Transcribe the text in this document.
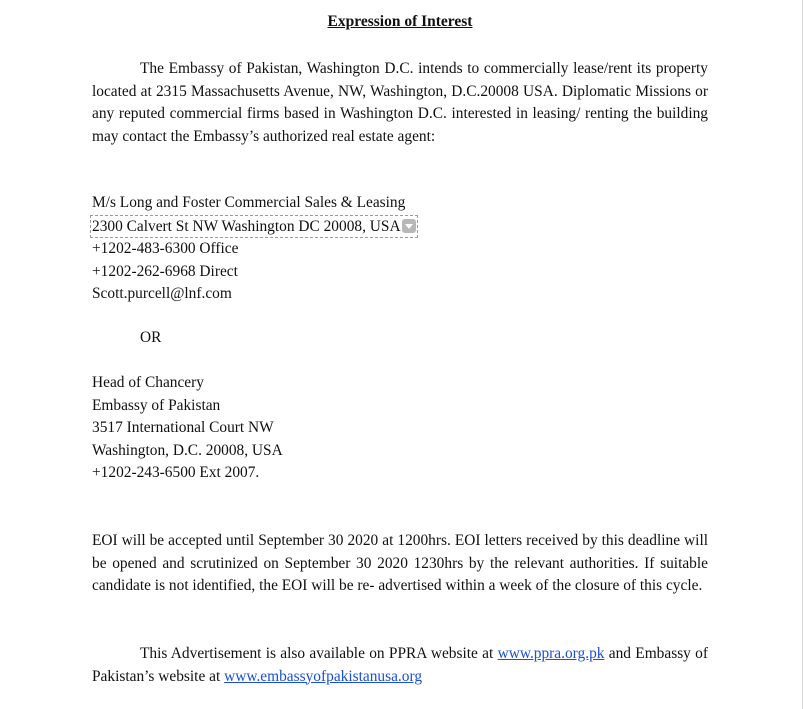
Expression of Interest

The Embassy of Pakistan, Washington D.C. intends to commercially lease/rent its property located at 2315 Massachusetts Avenue, NW, Washington, D.C.20008 USA. Diplomatic Missions or any reputed commercial firms based in Washington D.C. interested in leasing/ renting the building may contact the Embassy’s authorized real estate agent:

M/s Long and Foster Commercial Sales & Leasing
2300 Calvert St NW Washington DC 20008, USA
+1202-483-6300 Office
+1202-262-6968 Direct
Scott.purcell@lnf.com
OR
Head of Chancery
Embassy of Pakistan
3517 International Court NW
Washington, D.C. 20008, USA
+1202-243-6500 Ext 2007.

EOI will be accepted until September 30 2020 at 1200hrs. EOI letters received by this deadline will be opened and scrutinized on September 30 2020 1230hrs by the relevant authorities. If suitable candidate is not identified, the EOI will be re- advertised within a week of the closure of this cycle.

This Advertisement is also available on PPRA website at www.ppra.org.pk and Embassy of Pakistan’s website at www.embassyofpakistanusa.org
